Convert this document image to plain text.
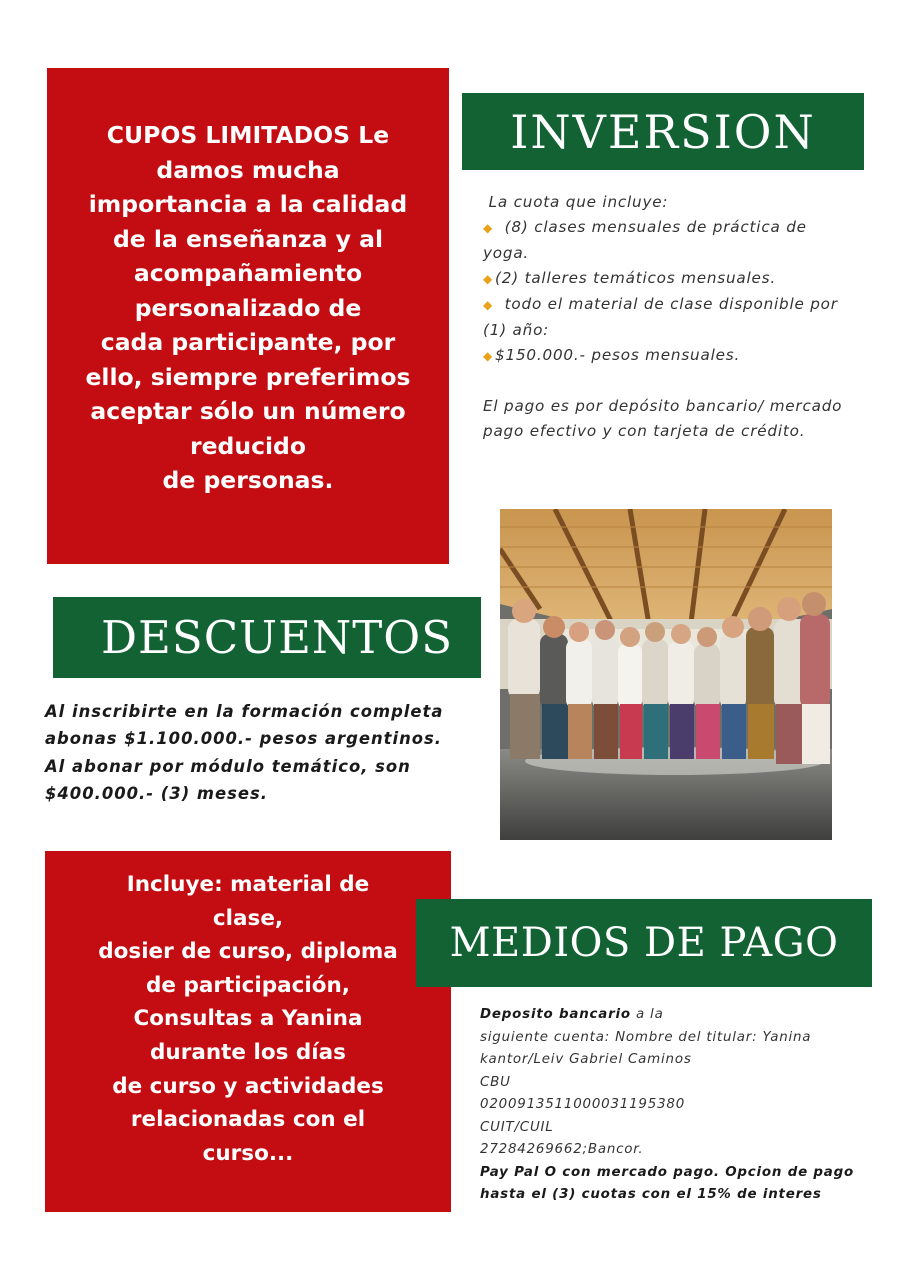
CUPOS LIMITADOS Le
damos mucha
importancia a la calidad
de la enseñanza y al
acompañamiento
personalizado de
cada participante, por
ello, siempre preferimos
aceptar sólo un número
reducido
de personas.
INVERSION
La cuota que incluye:
◆ (8) clases mensuales de práctica de
yoga.
◆ (2) talleres temáticos mensuales.
◆ todo el material de clase disponible por
(1) año:
◆ $150.000.- pesos mensuales.
El pago es por depósito bancario/ mercado
pago efectivo y con tarjeta de crédito.
DESCUENTOS
Al inscribirte en la formación completa
abonas $1.100.000.- pesos argentinos.
Al abonar por módulo temático, son
$400.000.- (3) meses.
Incluye: material de
clase,
dosier de curso, diploma
de participación,
Consultas a Yanina
durante los días
de curso y actividades
relacionadas con el
curso...
MEDIOS DE PAGO
Deposito bancario a la
siguiente cuenta: Nombre del titular: Yanina
kantor/Leiv Gabriel Caminos
CBU
0200913511000031195380
CUIT/CUIL
27284269662;Bancor.
Pay Pal O con mercado pago. Opcion de pago
hasta el (3) cuotas con el 15% de interes
